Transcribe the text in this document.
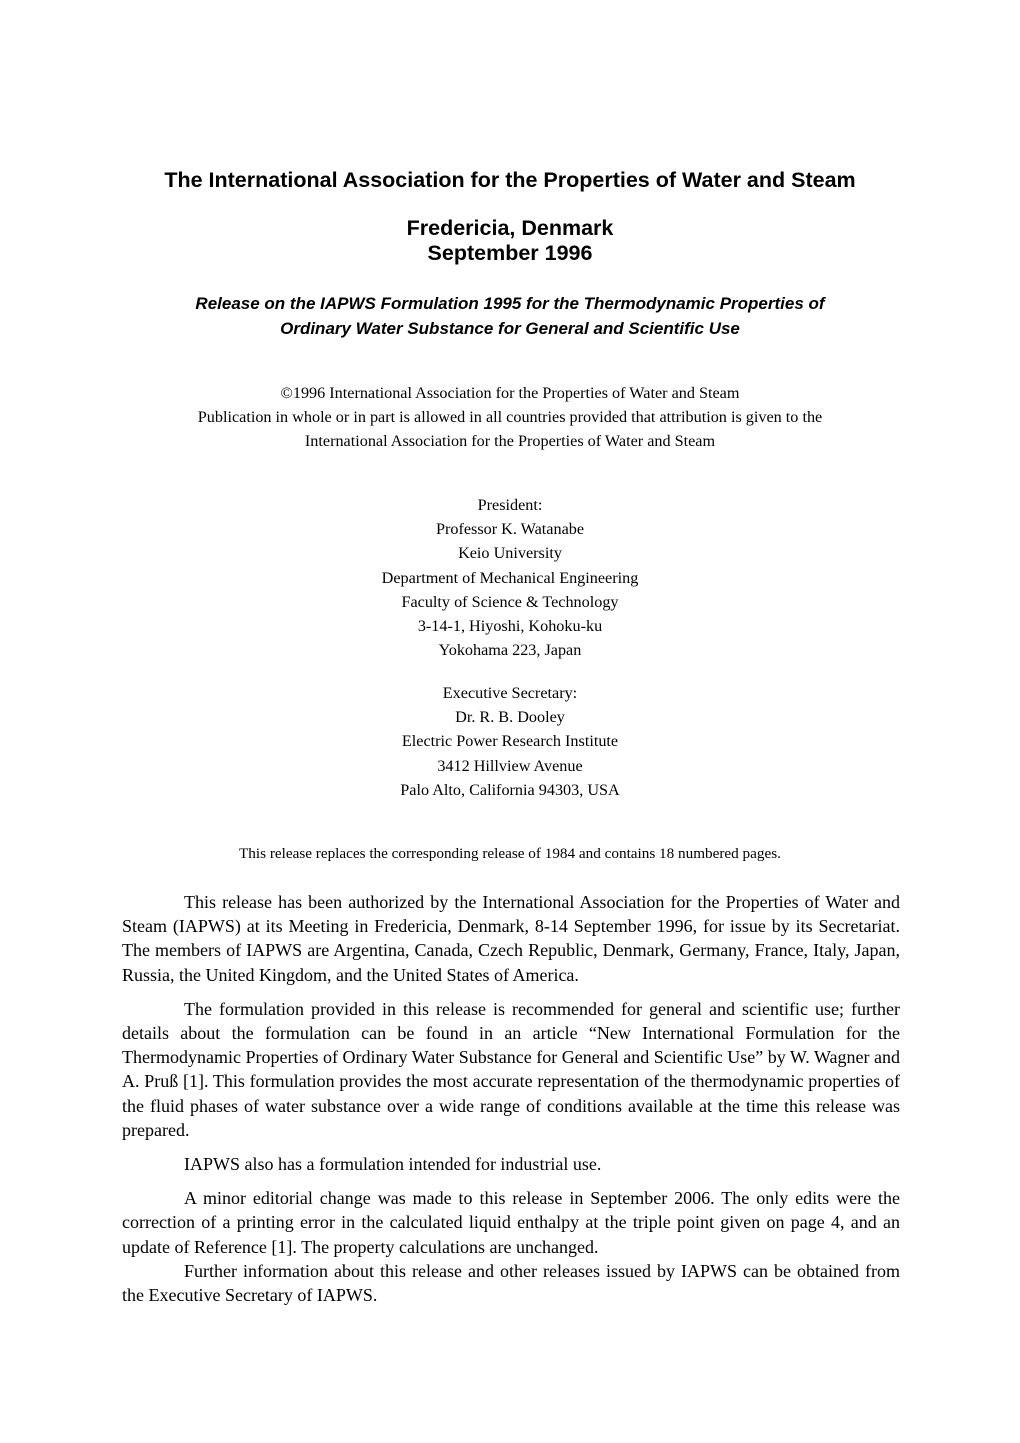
The International Association for the Properties of Water and Steam
Fredericia, Denmark
September 1996
Release on the IAPWS Formulation 1995 for the Thermodynamic Properties of
Ordinary Water Substance for General and Scientific Use
©1996 International Association for the Properties of Water and Steam
Publication in whole or in part is allowed in all countries provided that attribution is given to the
International Association for the Properties of Water and Steam
President:
Professor K. Watanabe
Keio University
Department of Mechanical Engineering
Faculty of Science & Technology
3-14-1, Hiyoshi, Kohoku-ku
Yokohama 223, Japan
Executive Secretary:
Dr. R. B. Dooley
Electric Power Research Institute
3412 Hillview Avenue
Palo Alto, California 94303, USA
This release replaces the corresponding release of 1984 and contains 18 numbered pages.

This release has been authorized by the International Association for the Properties of Water and Steam (IAPWS) at its Meeting in Fredericia, Denmark, 8-14 September 1996, for issue by its Secretariat. The members of IAPWS are Argentina, Canada, Czech Republic, Denmark, Germany, France, Italy, Japan, Russia, the United Kingdom, and the United States of America.

The formulation provided in this release is recommended for general and scientific use; further details about the formulation can be found in an article “New International Formulation for the Thermodynamic Properties of Ordinary Water Substance for General and Scientific Use” by W. Wagner and A. Pruß [1]. This formulation provides the most accurate representation of the thermodynamic properties of the fluid phases of water substance over a wide range of conditions available at the time this release was prepared.

IAPWS also has a formulation intended for industrial use.

A minor editorial change was made to this release in September 2006. The only edits were the correction of a printing error in the calculated liquid enthalpy at the triple point given on page 4, and an update of Reference [1]. The property calculations are unchanged.

Further information about this release and other releases issued by IAPWS can be obtained from the Executive Secretary of IAPWS.
